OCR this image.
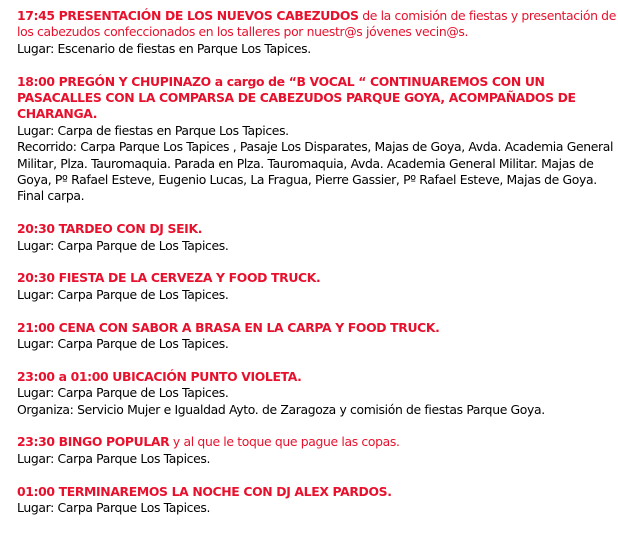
17:45 PRESENTACIÓN DE LOS NUEVOS CABEZUDOS de la comisión de fiestas y presentación de los cabezudos confeccionados en los talleres por nuestr@s jóvenes vecin@s.
Lugar: Escenario de fiestas en Parque Los Tapices.
18:00 PREGÓN Y CHUPINAZO a cargo de “B VOCAL “ CONTINUAREMOS CON UN PASACALLES CON LA COMPARSA DE CABEZUDOS PARQUE GOYA, ACOMPAÑADOS DE CHARANGA.
Lugar: Carpa de fiestas en Parque Los Tapices.
Recorrido: Carpa Parque Los Tapices , Pasaje Los Disparates, Majas de Goya, Avda. Academia General Militar, Plza. Tauromaquia. Parada en Plza. Tauromaquia, Avda. Academia General Militar. Majas de Goya, Pº Rafael Esteve, Eugenio Lucas, La Fragua, Pierre Gassier, Pº Rafael Esteve, Majas de Goya. Final carpa.
20:30 TARDEO CON DJ SEIK.
Lugar: Carpa Parque de Los Tapices.
20:30 FIESTA DE LA CERVEZA Y FOOD TRUCK.
Lugar: Carpa Parque de Los Tapices.
21:00 CENA CON SABOR A BRASA EN LA CARPA Y FOOD TRUCK.
Lugar: Carpa Parque de Los Tapices.
23:00 a 01:00 UBICACIÓN PUNTO VIOLETA.
Lugar: Carpa Parque de Los Tapices.
Organiza: Servicio Mujer e Igualdad Ayto. de Zaragoza y comisión de fiestas Parque Goya.
23:30 BINGO POPULAR y al que le toque que pague las copas.
Lugar: Carpa Parque Los Tapices.
01:00 TERMINAREMOS LA NOCHE CON DJ ALEX PARDOS.
Lugar: Carpa Parque Los Tapices.
